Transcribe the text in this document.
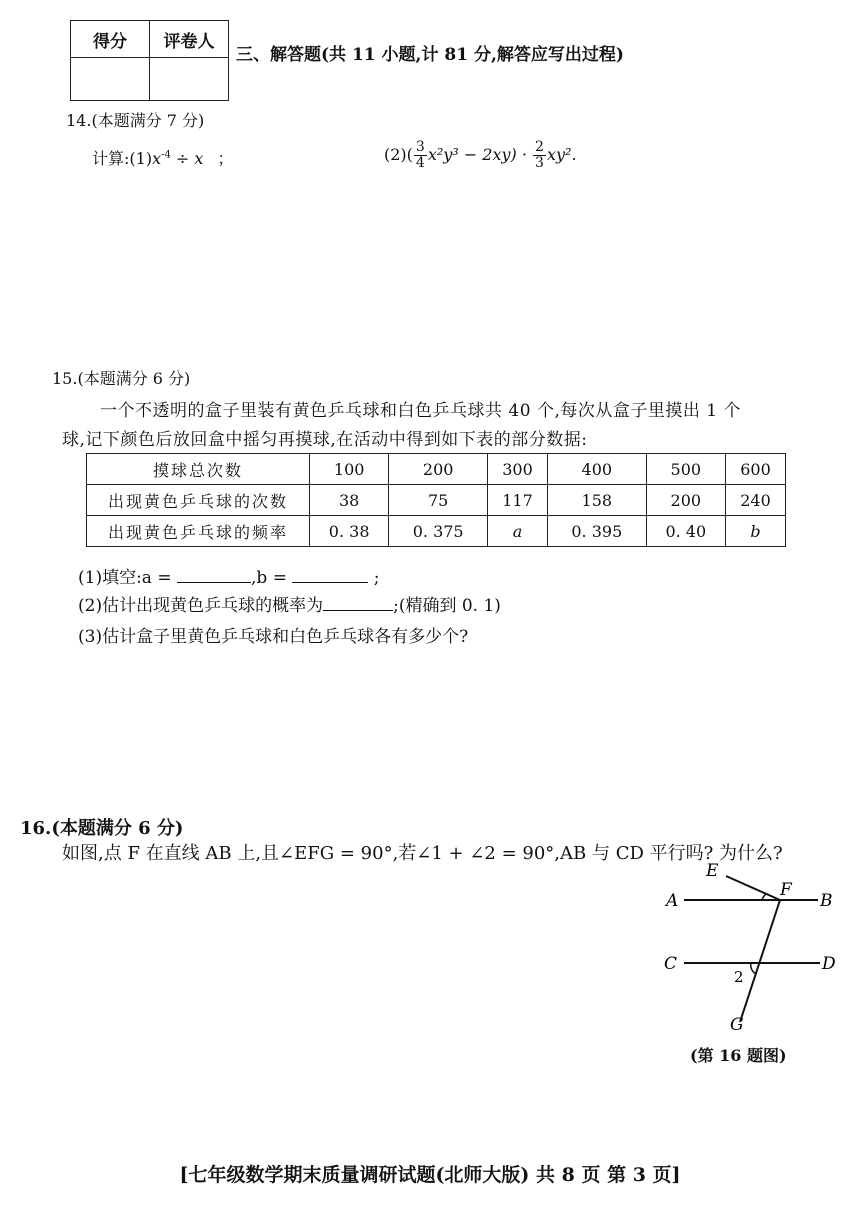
得分	评卷人

三、解答题(共 11 小题,计 81 分,解答应写出过程)
14.(本题满分 7 分)
计算$:(1)x^{-4} \div x$ ；	$(2)( \frac{3}{4} x^2y^3 - 2xy) \cdot \frac{2}{3} xy^2$.
15.(本题满分 6 分)
一个不透明的盒子里装有黄色乒乓球和白色乒乓球共 40 个,每次从盒子里摸出 1 个
球,记下颜色后放回盒中摇匀再摸球,在活动中得到如下表的部分数据:
摸球总次数	100	200	300	400	500	600
出现黄色乒乓球的次数	38	75	117	158	200	240
出现黄色乒乓球的频率	0. 38	0. 375	a	0. 395	0. 40	b
(1)填空:a =	,b =	;
(2)估计出现黄色乒乓球的概率为	;(精确到 0. 1)
(3)估计盒子里黄色乒乓球和白色乒乓球各有多少个?
16.(本题满分 6 分)
如图,点 F 在直线 AB 上,且∠EFG = 90°,若∠1 + ∠2 = 90°,AB 与 CD 平行吗? 为什么?
E
F
A	B
C	D
2
G
(第 16 题图)
[七年级数学期末质量调研试题(北师大版) 共 8 页 第 3 页]
